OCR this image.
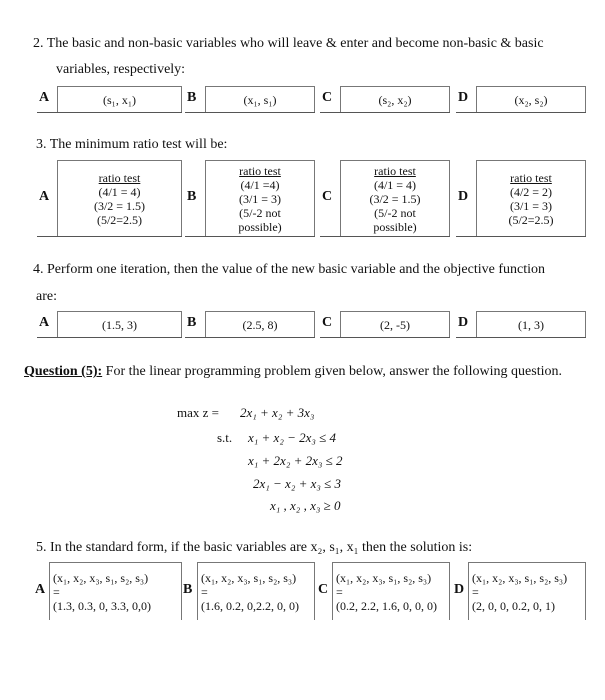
2. The basic and non-basic variables who will leave & enter and become non-basic & basic
variables, respectively:
A	(s₁, x₁)	B	(x₁, s₁)	C	(s₂, x₂)	D	(x₂, s₂)
3. The minimum ratio test will be:
A
ratio test
(4/1 = 4)
(3/2 = 1.5)
(5/2=2.5)
B
ratio test
(4/1 =4)
(3/1 = 3)
(5/-2 not
possible)
C
ratio test
(4/1 = 4)
(3/2 = 1.5)
(5/-2 not
possible)
D
ratio test
(4/2 = 2)
(3/1 = 3)
(5/2=2.5)
4. Perform one iteration, then the value of the new basic variable and the objective function
are:
A	(1.5, 3)	B	(2.5, 8)	C	(2, -5)	D	(1, 3)
Question (5): For the linear programming problem given below, answer the following question.
max z = 2x₁ + x₂ + 3x₃
s.t. x₁ + x₂ − 2x₃ ≤ 4
x₁ + 2x₂ + 2x₃ ≤ 2
2x₁ − x₂ + x₃ ≤ 3
x₁ , x₂ , x₃ ≥ 0
5. In the standard form, if the basic variables are x₂, s₁, x₁ then the solution is:
A
(x₁, x₂, x₃, s₁, s₂, s₃)
=
(1.3, 0.3, 0, 3.3, 0,0)
B
(x₁, x₂, x₃, s₁, s₂, s₃)
=
(1.6, 0.2, 0,2.2, 0, 0)
C
(x₁, x₂, x₃, s₁, s₂, s₃)
=
(0.2, 2.2, 1.6, 0, 0, 0)
D
(x₁, x₂, x₃, s₁, s₂, s₃)
=
(2, 0, 0, 0.2, 0, 1)
